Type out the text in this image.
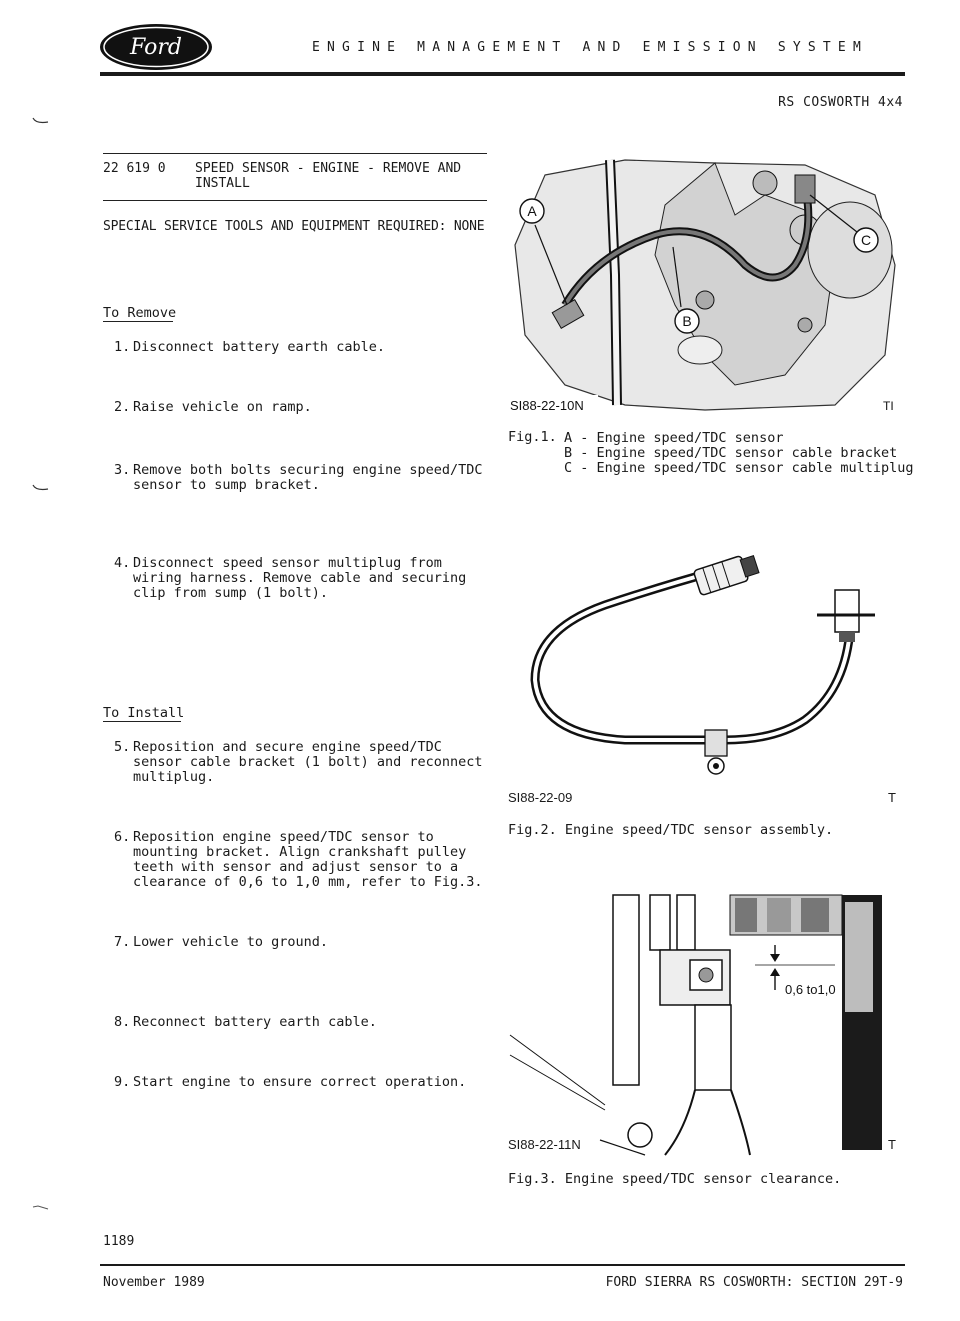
Ford	ENGINE MANAGEMENT AND EMISSION SYSTEM
RS COSWORTH 4x4
22 619 0 SPEED SENSOR - ENGINE - REMOVE AND INSTALL
SPECIAL SERVICE TOOLS AND EQUIPMENT REQUIRED: NONE
To Remove
1. Disconnect battery earth cable.
2. Raise vehicle on ramp.
3. Remove both bolts securing engine speed/TDC sensor to sump bracket.
4. Disconnect speed sensor multiplug from wiring harness. Remove cable and securing clip from sump (1 bolt).
To Install
5. Reposition and secure engine speed/TDC sensor cable bracket (1 bolt) and reconnect multiplug.
6. Reposition engine speed/TDC sensor to mounting bracket. Align crankshaft pulley teeth with sensor and adjust sensor to a clearance of 0,6 to 1,0 mm, refer to Fig.3.
7. Lower vehicle to ground.
8. Reconnect battery earth cable.
9. Start engine to ensure correct operation.
A
B
C
SI88-22-10N	TI
Fig.1. A - Engine speed/TDC sensor
B - Engine speed/TDC sensor cable bracket
C - Engine speed/TDC sensor cable multiplug
SI88-22-09	T
Fig.2. Engine speed/TDC sensor assembly.
0,6 to1,0
SI88-22-11N	T
Fig.3. Engine speed/TDC sensor clearance.
1189
November 1989	FORD SIERRA RS COSWORTH: SECTION 29T-9
